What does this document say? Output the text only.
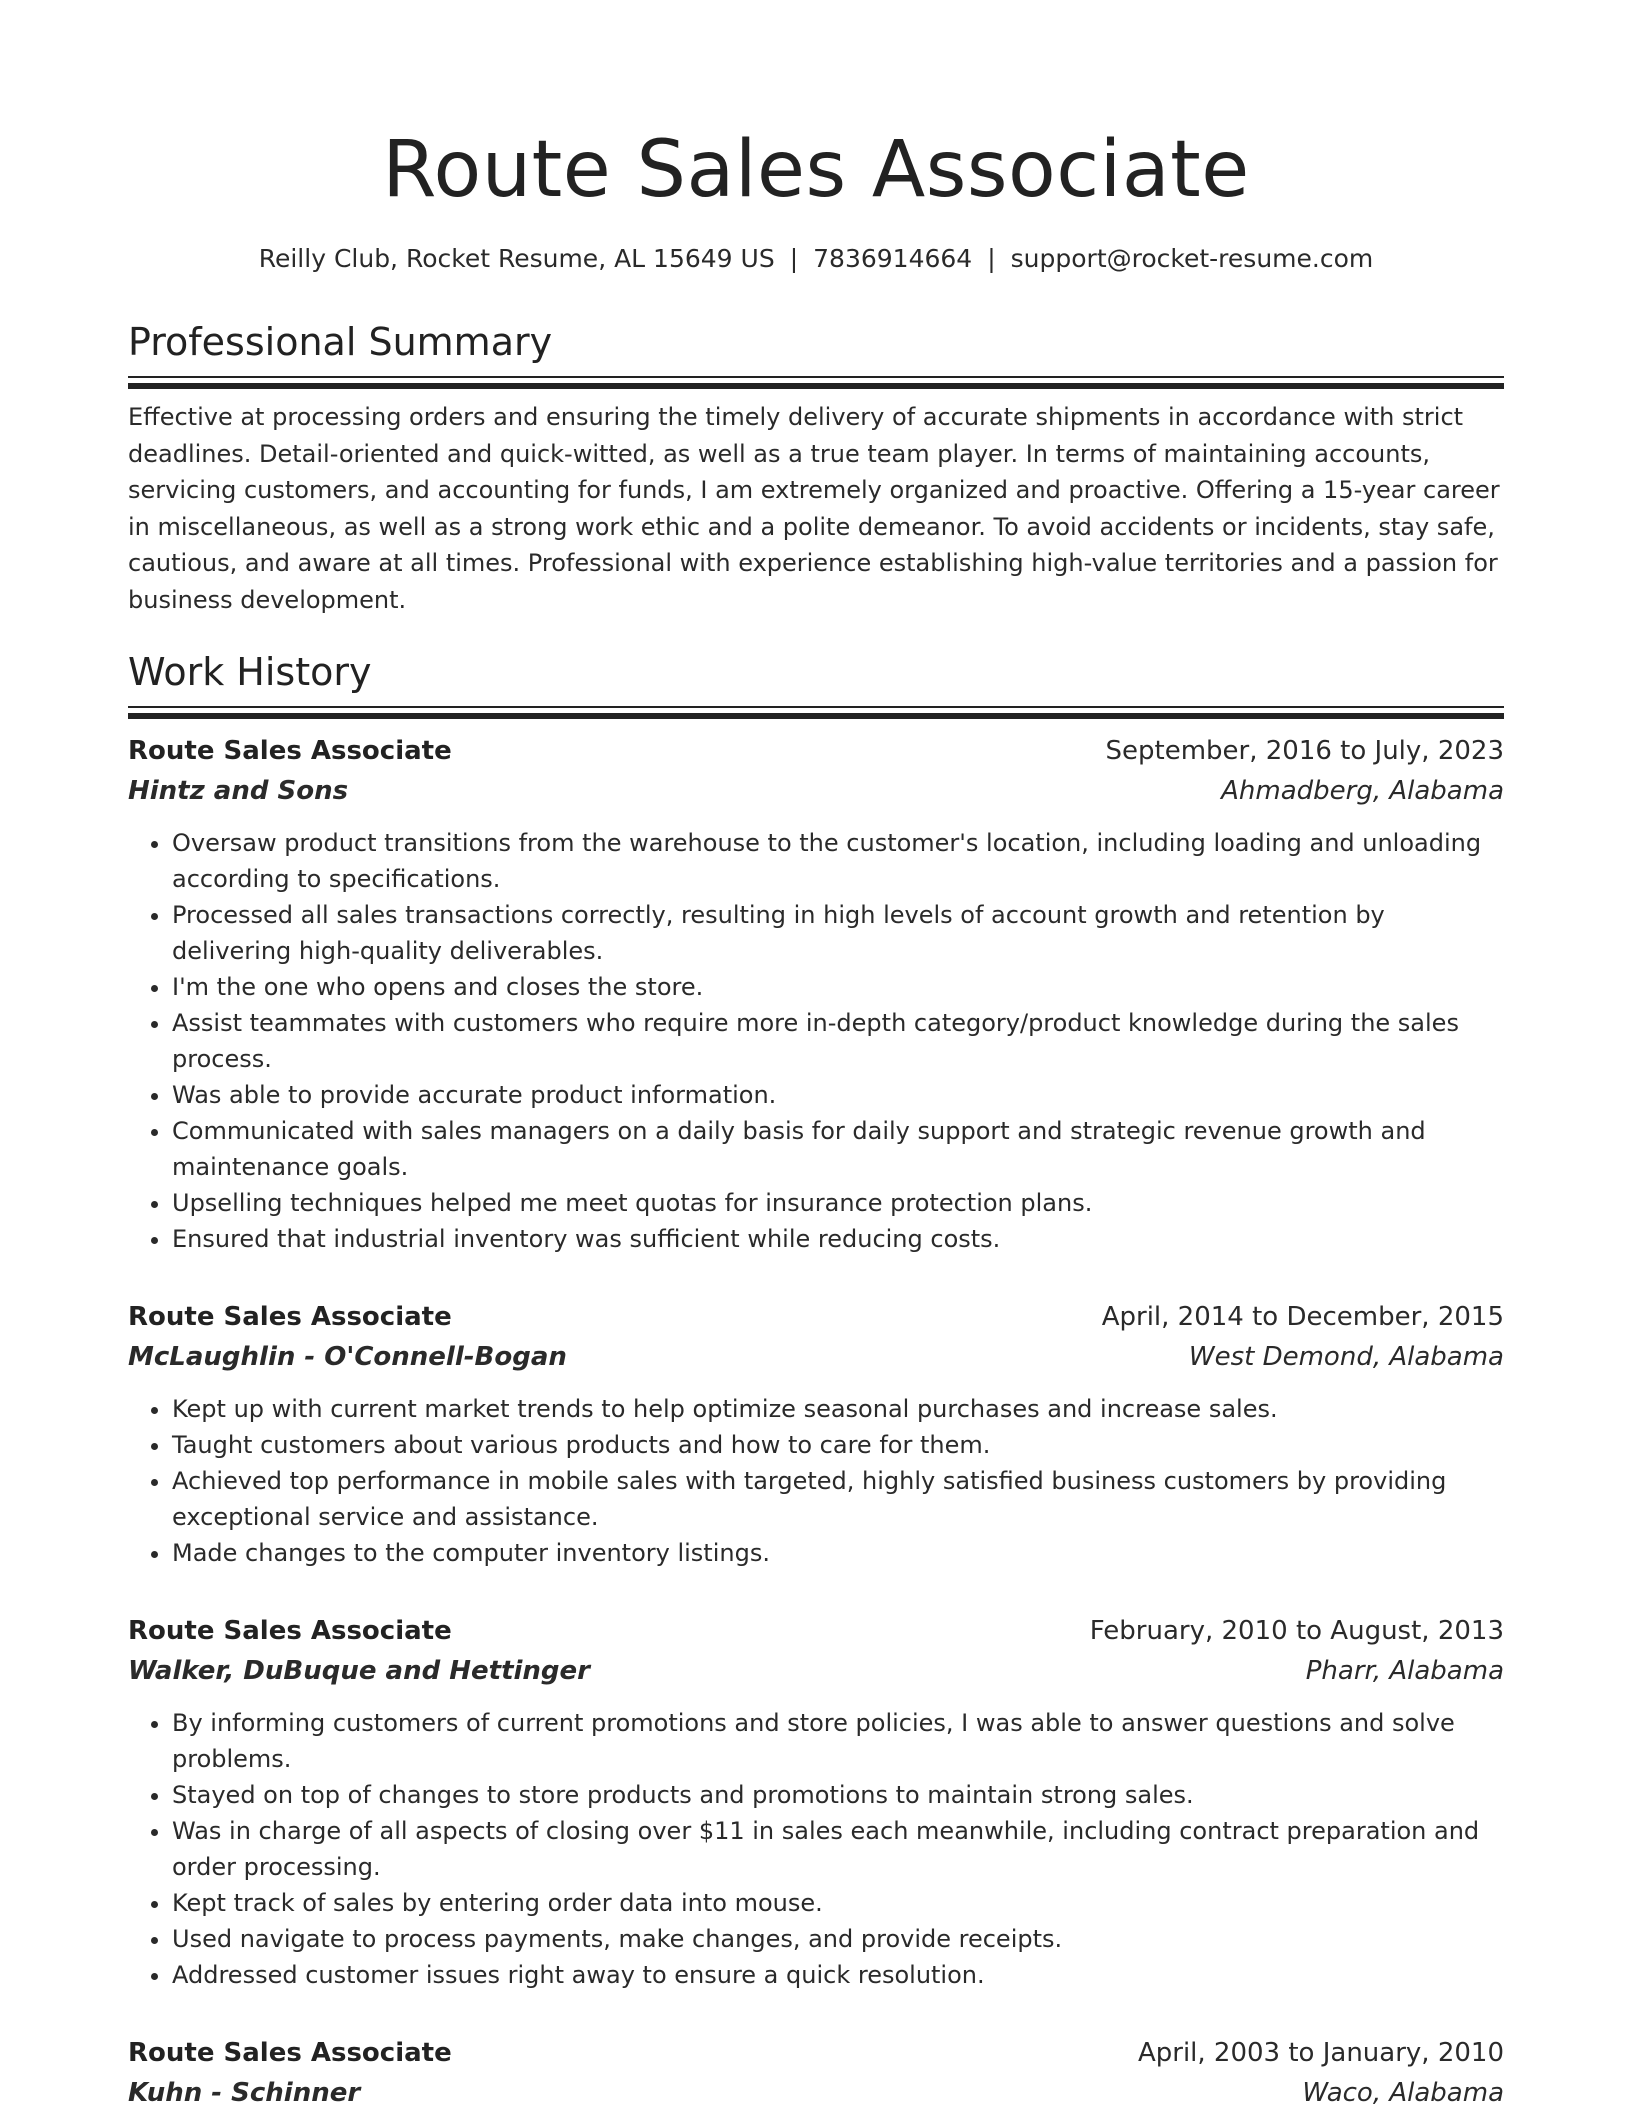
Route Sales Associate
Reilly Club, Rocket Resume, AL 15649 US | 7836914664 | support@rocket-resume.com
Professional Summary

Effective at processing orders and ensuring the timely delivery of accurate shipments in accordance with strict deadlines. Detail-oriented and quick-witted, as well as a true team player. In terms of maintaining accounts, servicing customers, and accounting for funds, I am extremely organized and proactive. Offering a 15-year career in miscellaneous, as well as a strong work ethic and a polite demeanor. To avoid accidents or incidents, stay safe, cautious, and aware at all times. Professional with experience establishing high-value territories and a passion for business development.

Work History
Route Sales Associate	September, 2016 to July, 2023
Hintz and Sons	Ahmadberg, Alabama
• Oversaw product transitions from the warehouse to the customer's location, including loading and unloading according to specifications.
• Processed all sales transactions correctly, resulting in high levels of account growth and retention by delivering high-quality deliverables.
• I'm the one who opens and closes the store.
• Assist teammates with customers who require more in-depth category/product knowledge during the sales process.
• Was able to provide accurate product information.
• Communicated with sales managers on a daily basis for daily support and strategic revenue growth and maintenance goals.
• Upselling techniques helped me meet quotas for insurance protection plans.
• Ensured that industrial inventory was sufficient while reducing costs.
Route Sales Associate	April, 2014 to December, 2015
McLaughlin - O'Connell-Bogan	West Demond, Alabama
• Kept up with current market trends to help optimize seasonal purchases and increase sales.
• Taught customers about various products and how to care for them.
• Achieved top performance in mobile sales with targeted, highly satisfied business customers by providing exceptional service and assistance.
• Made changes to the computer inventory listings.
Route Sales Associate	February, 2010 to August, 2013
Walker, DuBuque and Hettinger	Pharr, Alabama
• By informing customers of current promotions and store policies, I was able to answer questions and solve problems.
• Stayed on top of changes to store products and promotions to maintain strong sales.
• Was in charge of all aspects of closing over $11 in sales each meanwhile, including contract preparation and order processing.
• Kept track of sales by entering order data into mouse.
• Used navigate to process payments, make changes, and provide receipts.
• Addressed customer issues right away to ensure a quick resolution.
Route Sales Associate	April, 2003 to January, 2010
Kuhn - Schinner	Waco, Alabama
